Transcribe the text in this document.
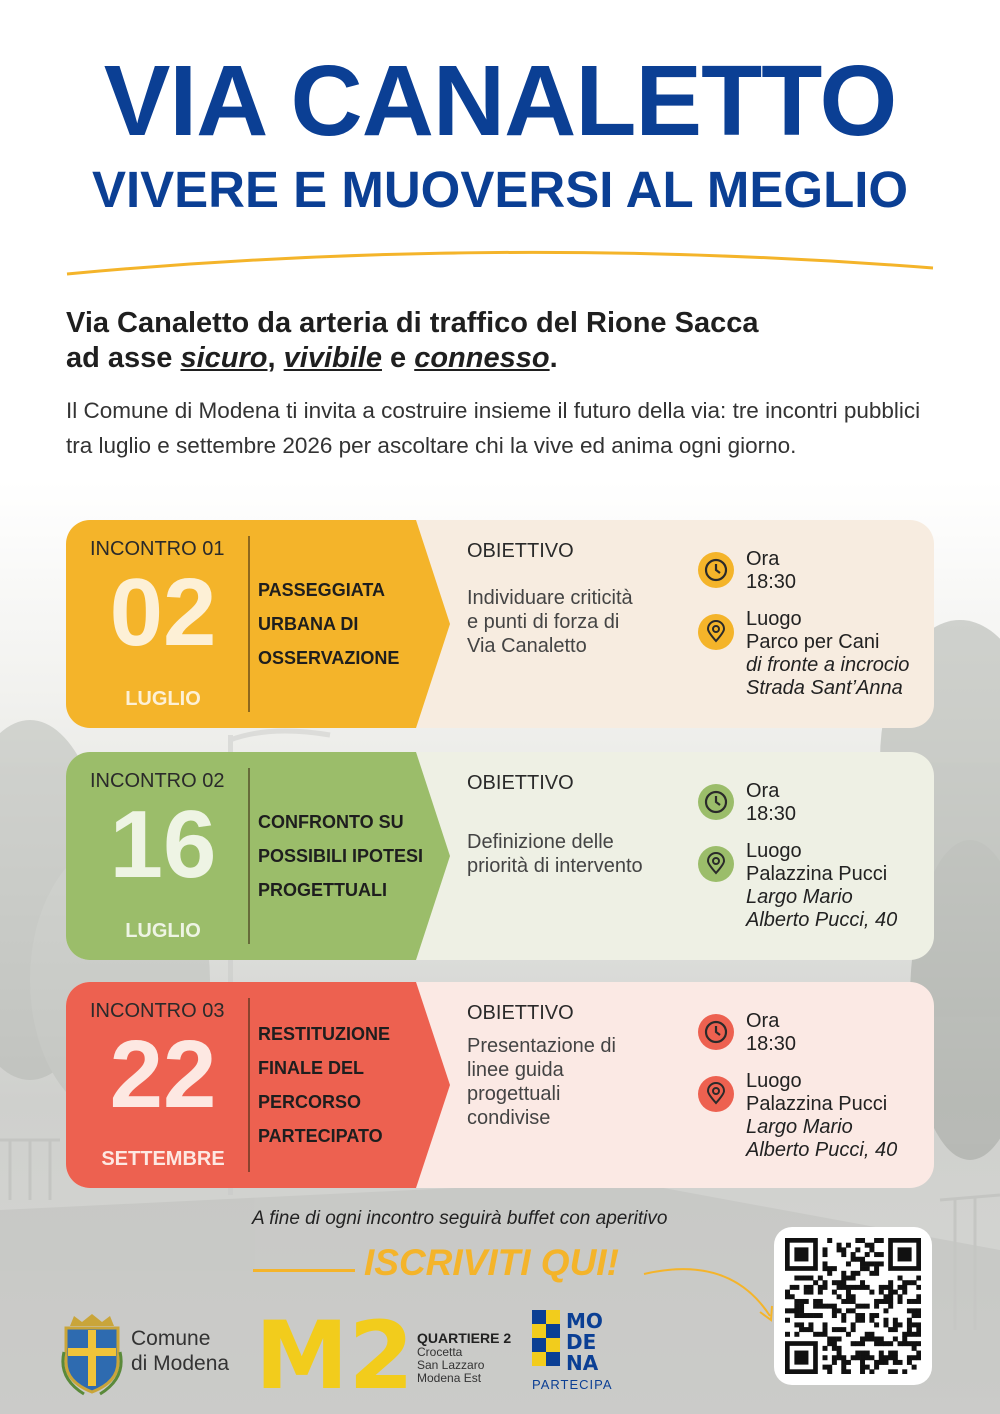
VIA CANALETTO
VIVERE E MUOVERSI AL MEGLIO
Via Canaletto da arteria di traffico del Rione Sacca
ad asse sicuro, vivibile e connesso.
Il Comune di Modena ti invita a costruire insieme il futuro della via: tre incontri pubblici tra luglio e settembre 2026 per ascoltare chi la vive ed anima ogni giorno.
INCONTRO 01
02
LUGLIO
PASSEGGIATA
URBANA DI
OSSERVAZIONE
OBIETTIVO
Individuare criticità
e punti di forza di
Via Canaletto
Ora
18:30
Luogo
Parco per Cani
di fronte a incrocio
Strada Sant’Anna
INCONTRO 02
16
LUGLIO
CONFRONTO SU
POSSIBILI IPOTESI
PROGETTUALI
OBIETTIVO
Definizione delle
priorità di intervento
Ora
18:30
Luogo
Palazzina Pucci
Largo Mario
Alberto Pucci, 40
INCONTRO 03
22
SETTEMBRE
RESTITUZIONE
FINALE DEL
PERCORSO
PARTECIPATO
OBIETTIVO
Presentazione di
linee guida
progettuali
condivise
Ora
18:30
Luogo
Palazzina Pucci
Largo Mario
Alberto Pucci, 40
A fine di ogni incontro seguirà buffet con aperitivo
ISCRIVITI QUI!
Comune
di Modena M2 QUARTIERE 2
Crocetta
San Lazzaro
Modena Est
MO
DE
NA
PARTECIPA
